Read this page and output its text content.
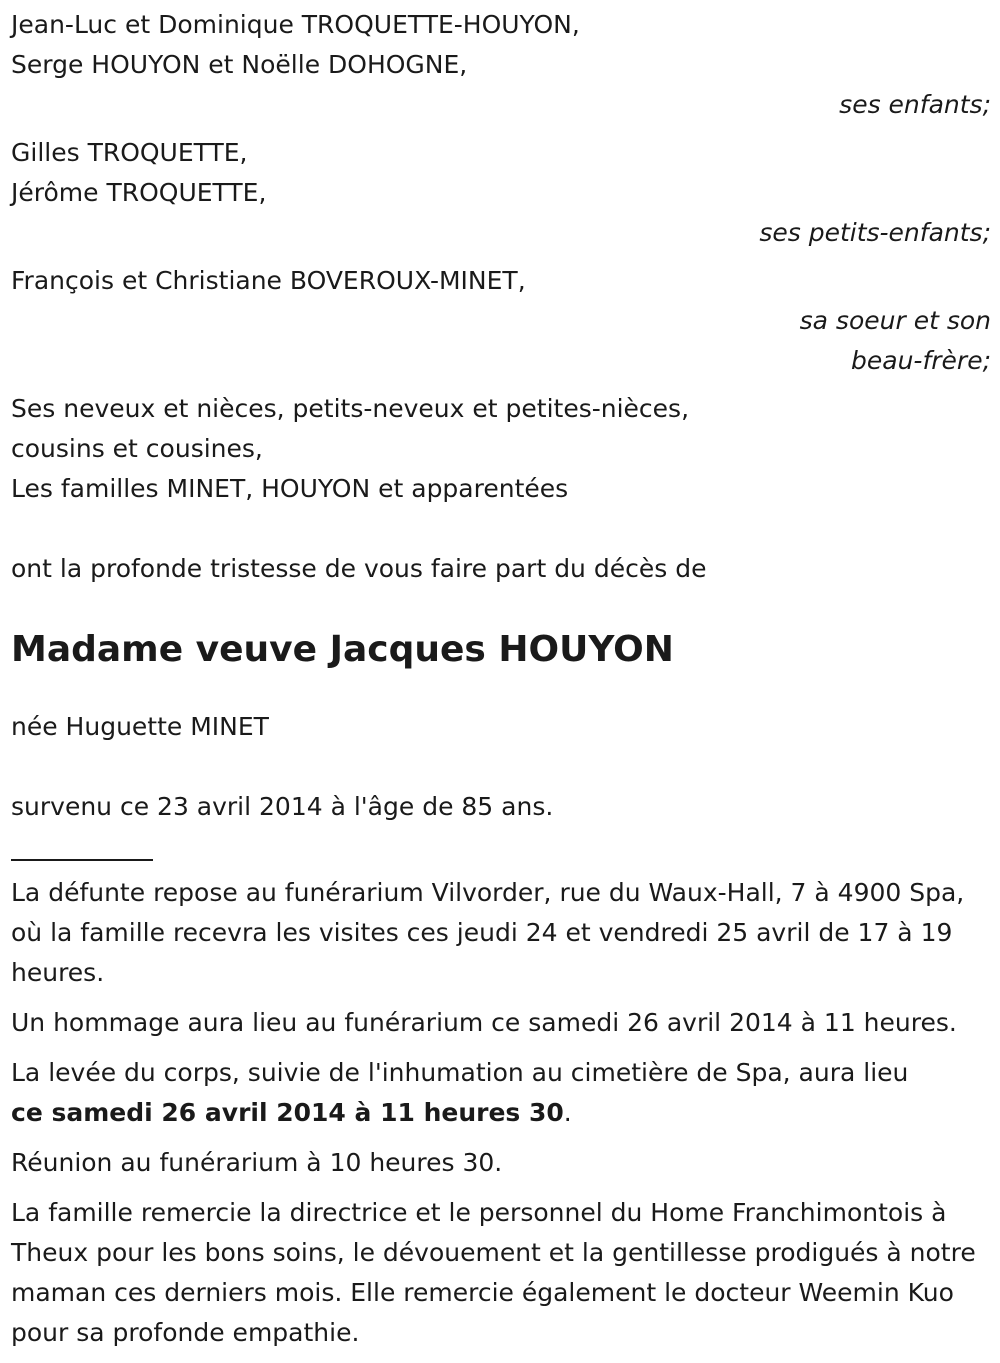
Jean-Luc et Dominique TROQUETTE-HOUYON,
Serge HOUYON et Noëlle DOHOGNE,
ses enfants;
Gilles TROQUETTE,
Jérôme TROQUETTE,
ses petits-enfants;
François et Christiane BOVEROUX-MINET,
sa soeur et son
beau-frère;
Ses neveux et nièces, petits-neveux et petites-nièces,
cousins et cousines,
Les familles MINET, HOUYON et apparentées
ont la profonde tristesse de vous faire part du décès de
Madame veuve Jacques HOUYON
née Huguette MINET
survenu ce 23 avril 2014 à l'âge de 85 ans.
La défunte repose au funérarium Vilvorder, rue du Waux-Hall, 7 à 4900 Spa, où la famille recevra les visites ces jeudi 24 et vendredi 25 avril de 17 à 19 heures.
Un hommage aura lieu au funérarium ce samedi 26 avril 2014 à 11 heures.
La levée du corps, suivie de l'inhumation au cimetière de Spa, aura lieu
ce samedi 26 avril 2014 à 11 heures 30.
Réunion au funérarium à 10 heures 30.
La famille remercie la directrice et le personnel du Home Franchimontois à Theux pour les bons soins, le dévouement et la gentillesse prodigués à notre maman ces derniers mois. Elle remercie également le docteur Weemin Kuo pour sa profonde empathie.
